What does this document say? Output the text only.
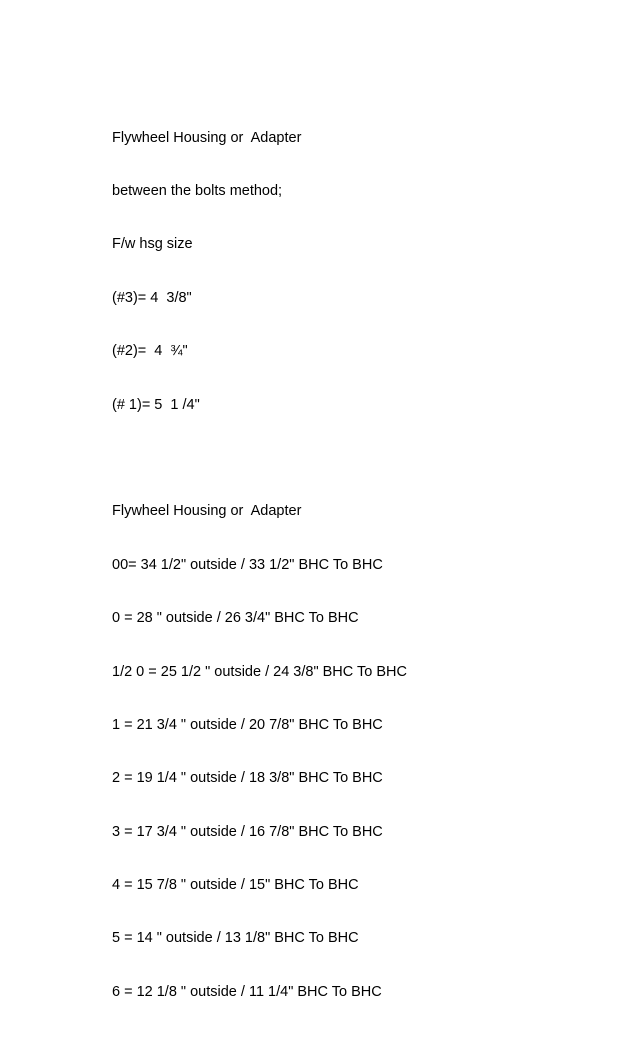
Flywheel Housing or  Adapter

between the bolts method;

F/w hsg size

(#3)= 4  3/8"

(#2)=  4  ¾"

(# 1)= 5  1 /4"

Flywheel Housing or  Adapter

00= 34 1/2" outside / 33 1/2" BHC To BHC

0 = 28 " outside / 26 3/4" BHC To BHC

1/2 0 = 25 1/2 " outside / 24 3/8" BHC To BHC

1 = 21 3/4 " outside / 20 7/8" BHC To BHC

2 = 19 1/4 " outside / 18 3/8" BHC To BHC

3 = 17 3/4 " outside / 16 7/8" BHC To BHC

4 = 15 7/8 " outside / 15" BHC To BHC

5 = 14 " outside / 13 1/8" BHC To BHC

6 = 12 1/8 " outside / 11 1/4" BHC To BHC
